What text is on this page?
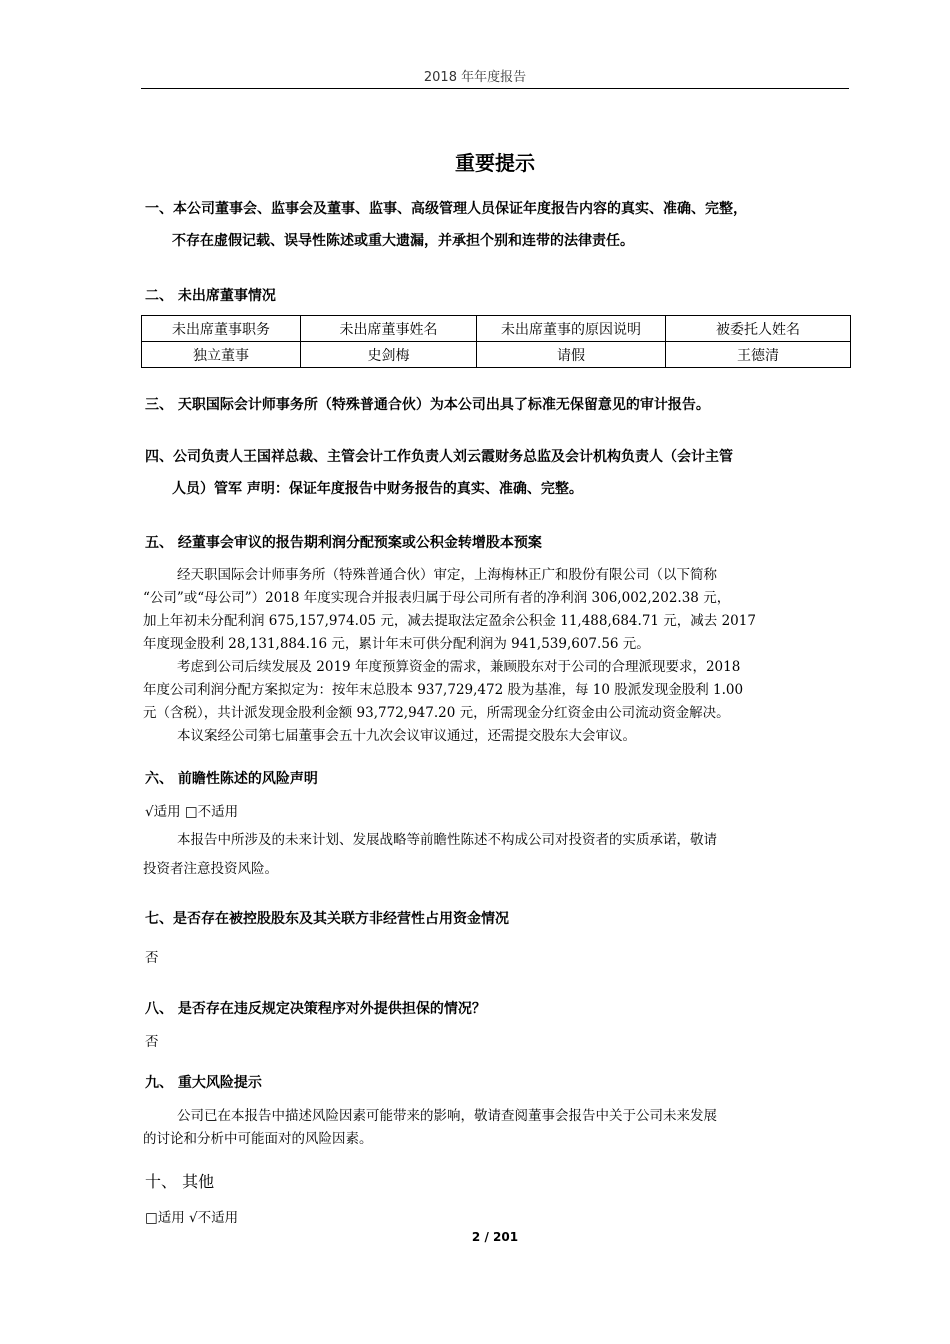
2018 年年度报告
重要提示
一、本公司董事会、监事会及董事、监事、高级管理人员保证年度报告内容的真实、准确、完整，
不存在虚假记载、误导性陈述或重大遗漏，并承担个别和连带的法律责任。
二、 未出席董事情况
未出席董事职务	未出席董事姓名	未出席董事的原因说明	被委托人姓名
独立董事	史剑梅	请假	王德清
三、 天职国际会计师事务所（特殊普通合伙）为本公司出具了标准无保留意见的审计报告。
四、公司负责人王国祥总裁、主管会计工作负责人刘云霞财务总监及会计机构负责人（会计主管
人员）管军 声明：保证年度报告中财务报告的真实、准确、完整。
五、 经董事会审议的报告期利润分配预案或公积金转增股本预案
经天职国际会计师事务所（特殊普通合伙）审定，上海梅林正广和股份有限公司（以下简称
“公司”或“母公司”）2018 年度实现合并报表归属于母公司所有者的净利润 306,002,202.38 元，
加上年初未分配利润 675,157,974.05 元，减去提取法定盈余公积金 11,488,684.71 元，减去 2017
年度现金股利 28,131,884.16 元，累计年末可供分配利润为 941,539,607.56 元。
考虑到公司后续发展及 2019 年度预算资金的需求，兼顾股东对于公司的合理派现要求，2018
年度公司利润分配方案拟定为：按年末总股本 937,729,472 股为基准，每 10 股派发现金股利 1.00
元（含税），共计派发现金股利金额 93,772,947.20 元，所需现金分红资金由公司流动资金解决。
本议案经公司第七届董事会五十九次会议审议通过，还需提交股东大会审议。
六、 前瞻性陈述的风险声明
√适用 □不适用
本报告中所涉及的未来计划、发展战略等前瞻性陈述不构成公司对投资者的实质承诺，敬请
投资者注意投资风险。
七、是否存在被控股股东及其关联方非经营性占用资金情况
否
八、 是否存在违反规定决策程序对外提供担保的情况？
否
九、 重大风险提示
公司已在本报告中描述风险因素可能带来的影响，敬请查阅董事会报告中关于公司未来发展
的讨论和分析中可能面对的风险因素。
十、 其他
□适用 √不适用
2 / 201
